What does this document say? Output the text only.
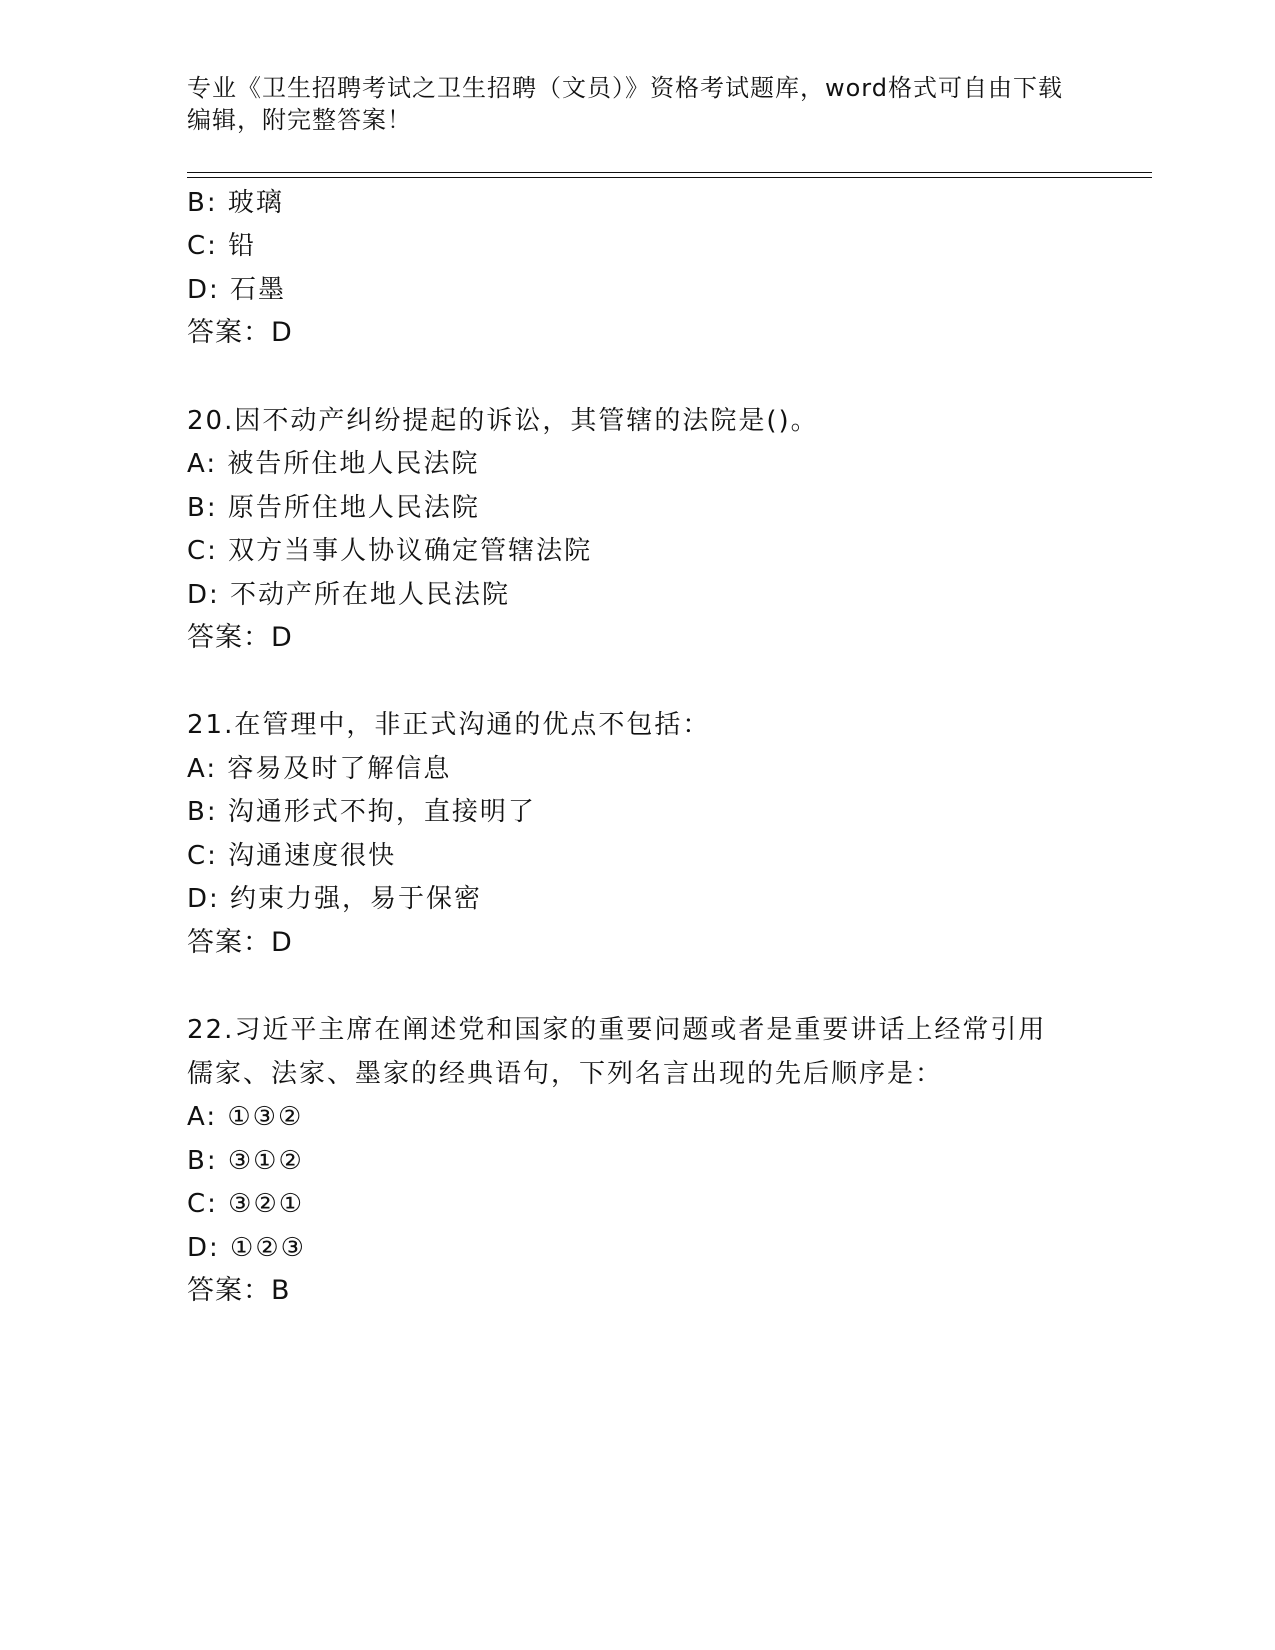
专业《卫生招聘考试之卫生招聘（文员）》资格考试题库，word格式可自由下载
编辑，附完整答案！
B: 玻璃
C: 铅
D: 石墨
答案：D
20.因不动产纠纷提起的诉讼，其管辖的法院是()。
A: 被告所住地人民法院
B: 原告所住地人民法院
C: 双方当事人协议确定管辖法院
D: 不动产所在地人民法院
答案：D
21.在管理中，非正式沟通的优点不包括：
A: 容易及时了解信息
B: 沟通形式不拘，直接明了
C: 沟通速度很快
D: 约束力强，易于保密
答案：D
22.习近平主席在阐述党和国家的重要问题或者是重要讲话上经常引用
儒家、法家、墨家的经典语句，下列名言出现的先后顺序是：
A: ①③②
B: ③①②
C: ③②①
D: ①②③
答案：B
